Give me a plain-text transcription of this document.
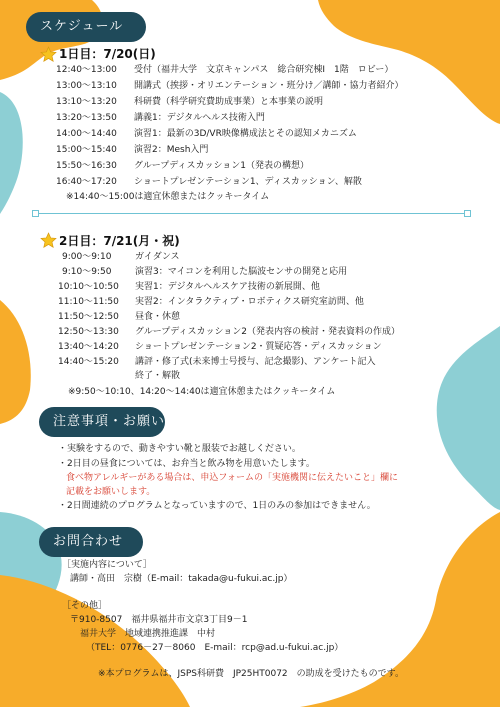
スケジュール
1日目：7/20(日)
12:40～13:00 受付（福井大学　文京キャンパス　総合研究棟Ⅰ　1階　ロビー）
13:00～13:10 開講式（挨拶・オリエンテーション・班分け／講師・協力者紹介）
13:10～13:20 科研費（科学研究費助成事業）と本事業の説明
13:20～13:50 講義1：デジタルヘルス技術入門
14:00～14:40 演習1：最新の3D/VR映像構成法とその認知メカニズム
15:00～15:40 演習2：Mesh入門
15:50～16:30 グループディスカッション1（発表の構想）
16:40～17:20 ショートプレゼンテーション1、ディスカッション、解散
※14:40～15:00は適宜休憩またはクッキータイム
2日目：7/21(月・祝)
9:00～9:10	ガイダンス
9:10～9:50	演習3：マイコンを利用した脳波センサの開発と応用
10:10～10:50 実習1：デジタルヘルスケア技術の新展開、他
11:10～11:50 実習2：インタラクティブ・ロボティクス研究室訪問、他
11:50～12:50 昼食・休憩
12:50～13:30 グループディスカッション2（発表内容の検討・発表資料の作成）
13:40～14:20 ショートプレゼンテーション2・質疑応答・ディスカッション
14:40～15:20 講評・修了式(未来博士号授与、記念撮影)、アンケート記入
終了・解散
※9:50～10:10、14:20～14:40は適宜休憩またはクッキータイム
注意事項・お願い
・実験をするので、動きやすい靴と服装でお越しください。
・2日目の昼食については、お弁当と飲み物を用意いたします。
食べ物アレルギーがある場合は、申込フォームの「実施機関に伝えたいこと」欄に
記載をお願いします。
・2日間連続のプログラムとなっていますので、1日のみの参加はできません。
お問合わせ
［実施内容について］
講師・高田　宗樹（E-mail：takada@u-fukui.ac.jp）
［その他］
〒910-8507　福井県福井市文京3丁目9－1
福井大学　地域連携推進課　中村
（TEL：0776－27－8060　E-mail：rcp@ad.u-fukui.ac.jp）
※本プログラムは、JSPS科研費　JP25HT0072　の助成を受けたものです。
